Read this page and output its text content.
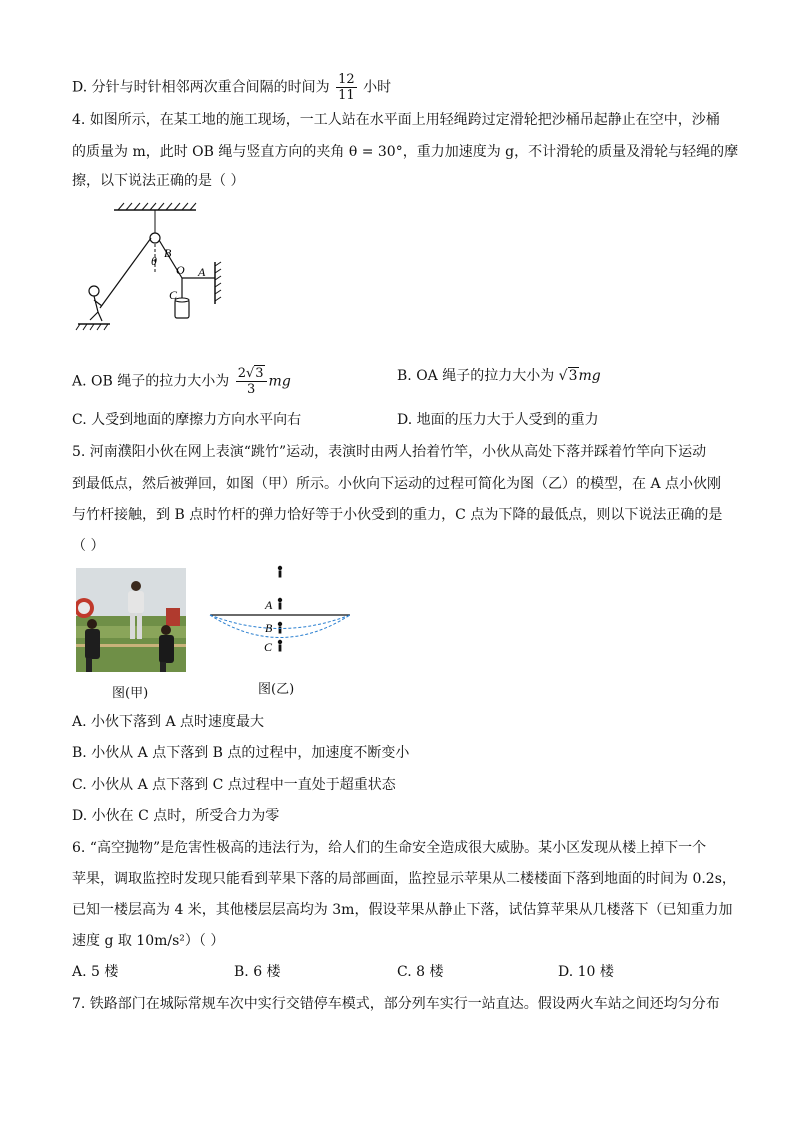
D. 分针与时针相邻两次重合间隔的时间为 $\frac{12}{11}$ 小时
4. 如图所示，在某工地的施工现场，一工人站在水平面上用轻绳跨过定滑轮把沙桶吊起静止在空中，沙桶
的质量为 m，此时 OB 绳与竖直方向的夹角 θ = 30°，重力加速度为 g，不计滑轮的质量及滑轮与轻绳的摩
擦，以下说法正确的是（ ）
B
θ
O A
C
A. OB 绳子的拉力大小为 $\frac{2√3}{3}$ mg	B. OA 绳子的拉力大小为 √3mg
C. 人受到地面的摩擦力方向水平向右	D. 地面的压力大于人受到的重力
5. 河南濮阳小伙在网上表演“跳竹”运动，表演时由两人抬着竹竿，小伙从高处下落并踩着竹竿向下运动
到最低点，然后被弹回，如图（甲）所示。小伙向下运动的过程可简化为图（乙）的模型，在 A 点小伙刚
与竹杆接触，到 B 点时竹杆的弹力恰好等于小伙受到的重力，C 点为下降的最低点，则以下说法正确的是
（ ）
图(甲)
A
B
C
图(乙)
A. 小伙下落到 A 点时速度最大
B. 小伙从 A 点下落到 B 点的过程中，加速度不断变小
C. 小伙从 A 点下落到 C 点过程中一直处于超重状态
D. 小伙在 C 点时，所受合力为零
6. “高空抛物”是危害性极高的违法行为，给人们的生命安全造成很大威胁。某小区发现从楼上掉下一个
苹果，调取监控时发现只能看到苹果下落的局部画面，监控显示苹果从二楼楼面下落到地面的时间为 0.2s，
已知一楼层高为 4 米，其他楼层层高均为 3m，假设苹果从静止下落，试估算苹果从几楼落下（已知重力加
速度 g 取 10m/s²）（ ）
A. 5 楼	B. 6 楼	C. 8 楼	D. 10 楼
7. 铁路部门在城际常规车次中实行交错停车模式，部分列车实行一站直达。假设两火车站之间还均匀分布
